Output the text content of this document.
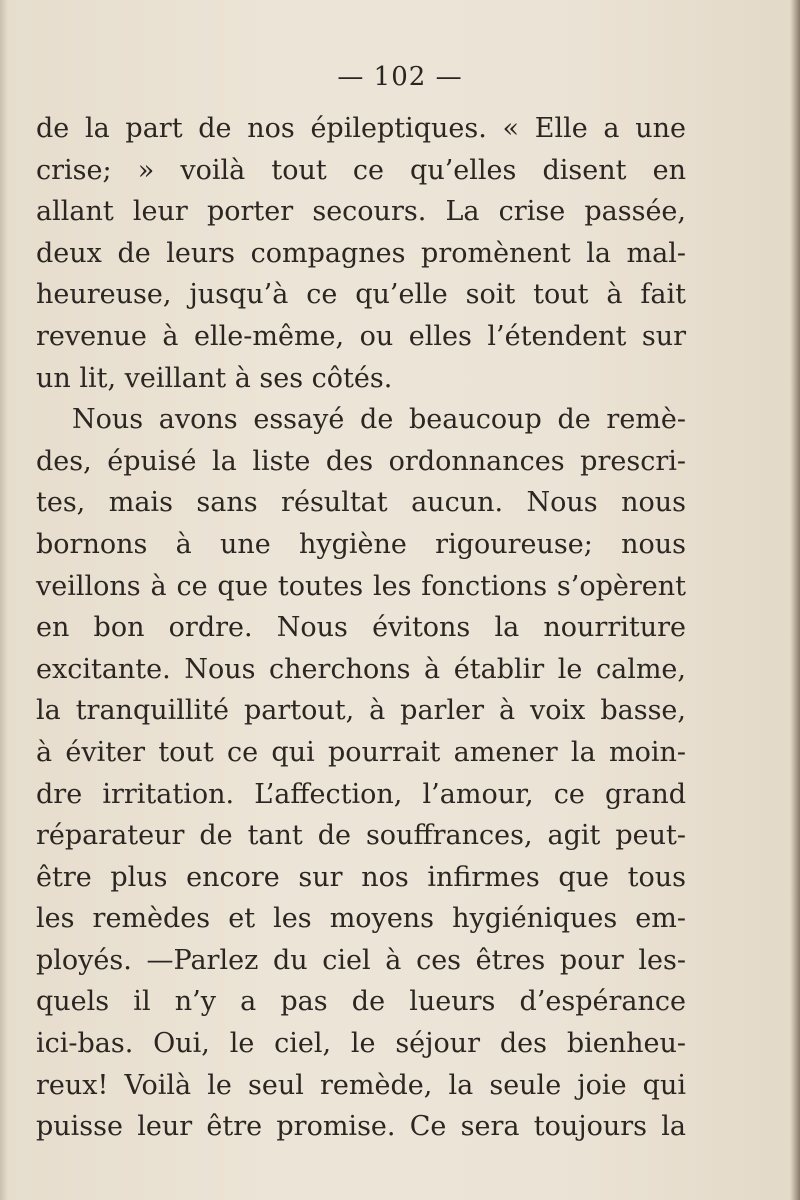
— 102 —
de la part de nos épileptiques. « Elle a une
crise; » voilà tout ce qu’elles disent en
allant leur porter secours. La crise passée,
deux de leurs compagnes promènent la mal-
heureuse, jusqu’à ce qu’elle soit tout à fait
revenue à elle-même, ou elles l’étendent sur
un lit, veillant à ses côtés.
Nous avons essayé de beaucoup de remè-
des, épuisé la liste des ordonnances prescri-
tes, mais sans résultat aucun. Nous nous
bornons à une hygiène rigoureuse; nous
veillons à ce que toutes les fonctions s’opèrent
en bon ordre. Nous évitons la nourriture
excitante. Nous cherchons à établir le calme,
la tranquillité partout, à parler à voix basse,
à éviter tout ce qui pourrait amener la moin-
dre irritation. L’affection, l’amour, ce grand
réparateur de tant de souffrances, agit peut-
être plus encore sur nos infirmes que tous
les remèdes et les moyens hygiéniques em-
ployés. —Parlez du ciel à ces êtres pour les-
quels il n’y a pas de lueurs d’espérance
ici-bas. Oui, le ciel, le séjour des bienheu-
reux! Voilà le seul remède, la seule joie qui
puisse leur être promise. Ce sera toujours la
